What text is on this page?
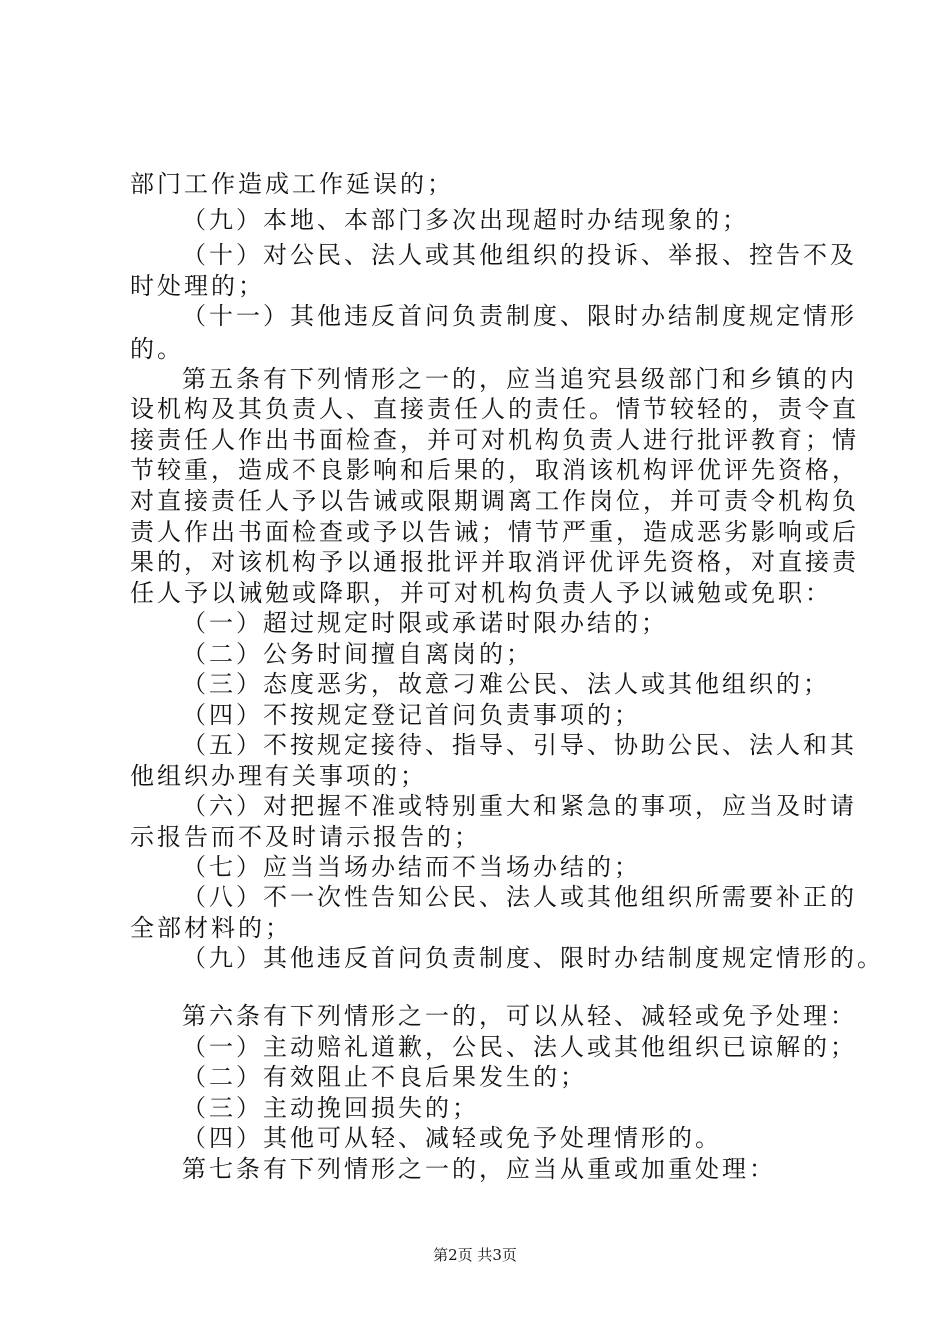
部门工作造成工作延误的；
（九）本地、本部门多次出现超时办结现象的；
（十）对公民、法人或其他组织的投诉、举报、控告不及
时处理的；
（十一）其他违反首问负责制度、限时办结制度规定情形
的。
第五条有下列情形之一的，应当追究县级部门和乡镇的内
设机构及其负责人、直接责任人的责任。情节较轻的，责令直
接责任人作出书面检查，并可对机构负责人进行批评教育；情
节较重，造成不良影响和后果的，取消该机构评优评先资格，
对直接责任人予以告诫或限期调离工作岗位，并可责令机构负
责人作出书面检查或予以告诫；情节严重，造成恶劣影响或后
果的，对该机构予以通报批评并取消评优评先资格，对直接责
任人予以诫勉或降职，并可对机构负责人予以诫勉或免职：
（一）超过规定时限或承诺时限办结的；
（二）公务时间擅自离岗的；
（三）态度恶劣，故意刁难公民、法人或其他组织的；
（四）不按规定登记首问负责事项的；
（五）不按规定接待、指导、引导、协助公民、法人和其
他组织办理有关事项的；
（六）对把握不准或特别重大和紧急的事项，应当及时请
示报告而不及时请示报告的；
（七）应当当场办结而不当场办结的；
（八）不一次性告知公民、法人或其他组织所需要补正的
全部材料的；
（九）其他违反首问负责制度、限时办结制度规定情形的。
第六条有下列情形之一的，可以从轻、减轻或免予处理：
（一）主动赔礼道歉，公民、法人或其他组织已谅解的；
（二）有效阻止不良后果发生的；
（三）主动挽回损失的；
（四）其他可从轻、减轻或免予处理情形的。
第七条有下列情形之一的，应当从重或加重处理：
第2页 共3页
